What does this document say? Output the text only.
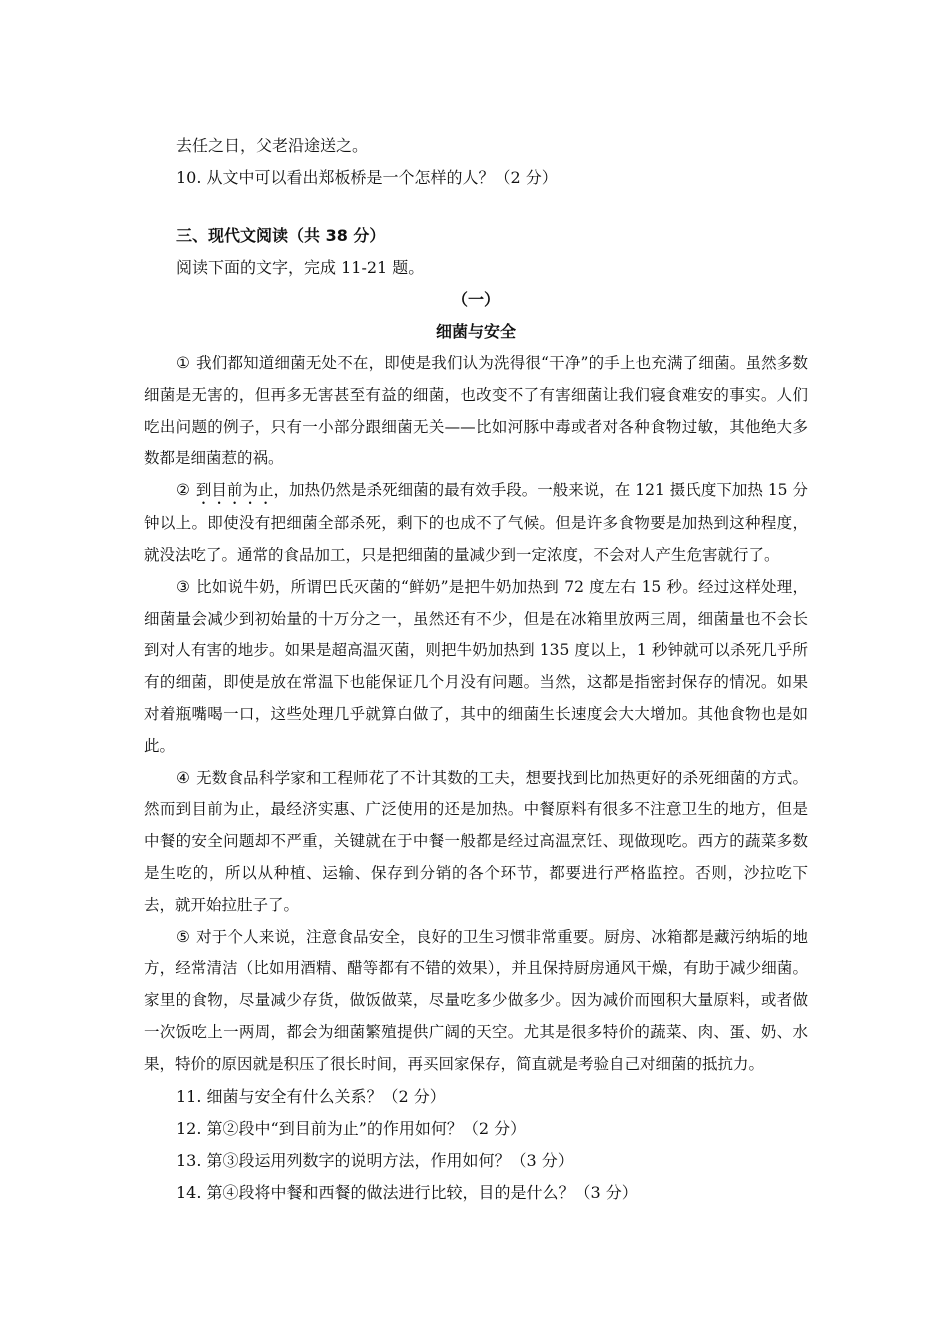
去任之日，父老沿途送之。

10. 从文中可以看出郑板桥是一个怎样的人？（2 分）

三、现代文阅读（共 38 分）

阅读下面的文字，完成 11-21 题。

（一）

细菌与安全

① 我们都知道细菌无处不在，即使是我们认为洗得很“干净”的手上也充满了细菌。虽然多数细菌是无害的，但再多无害甚至有益的细菌，也改变不了有害细菌让我们寝食难安的事实。人们吃出问题的例子，只有一小部分跟细菌无关——比如河豚中毒或者对各种食物过敏，其他绝大多数都是细菌惹的祸。

② 到目前为止，加热仍然是杀死细菌的最有效手段。一般来说，在 121 摄氏度下加热 15 分钟以上。即使没有把细菌全部杀死，剩下的也成不了气候。但是许多食物要是加热到这种程度，就没法吃了。通常的食品加工，只是把细菌的量减少到一定浓度，不会对人产生危害就行了。

③ 比如说牛奶，所谓巴氏灭菌的“鲜奶”是把牛奶加热到 72 度左右 15 秒。经过这样处理，细菌量会减少到初始量的十万分之一，虽然还有不少，但是在冰箱里放两三周，细菌量也不会长到对人有害的地步。如果是超高温灭菌，则把牛奶加热到 135 度以上，1 秒钟就可以杀死几乎所有的细菌，即使是放在常温下也能保证几个月没有问题。当然，这都是指密封保存的情况。如果对着瓶嘴喝一口，这些处理几乎就算白做了，其中的细菌生长速度会大大增加。其他食物也是如此。

④ 无数食品科学家和工程师花了不计其数的工夫，想要找到比加热更好的杀死细菌的方式。然而到目前为止，最经济实惠、广泛使用的还是加热。中餐原料有很多不注意卫生的地方，但是中餐的安全问题却不严重，关键就在于中餐一般都是经过高温烹饪、现做现吃。西方的蔬菜多数是生吃的，所以从种植、运输、保存到分销的各个环节，都要进行严格监控。否则，沙拉吃下去，就开始拉肚子了。

⑤ 对于个人来说，注意食品安全，良好的卫生习惯非常重要。厨房、冰箱都是藏污纳垢的地方，经常清洁（比如用酒精、醋等都有不错的效果），并且保持厨房通风干燥，有助于减少细菌。家里的食物，尽量减少存货，做饭做菜，尽量吃多少做多少。因为减价而囤积大量原料，或者做一次饭吃上一两周，都会为细菌繁殖提供广阔的天空。尤其是很多特价的蔬菜、肉、蛋、奶、水果，特价的原因就是积压了很长时间，再买回家保存，简直就是考验自己对细菌的抵抗力。

11. 细菌与安全有什么关系？（2 分）

12. 第②段中“到目前为止”的作用如何？（2 分）

13. 第③段运用列数字的说明方法，作用如何？（3 分）

14. 第④段将中餐和西餐的做法进行比较，目的是什么？（3 分）
